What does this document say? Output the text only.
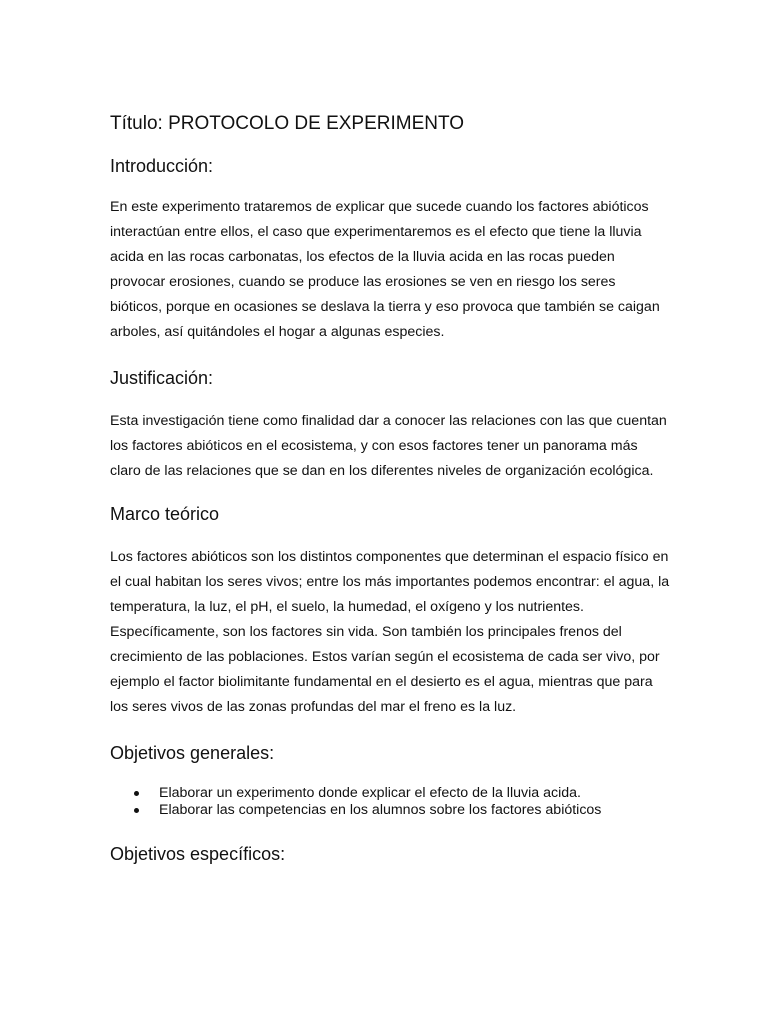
Título: PROTOCOLO DE EXPERIMENTO
Introducción:

En este experimento trataremos de explicar que sucede cuando los factores abióticos interactúan entre ellos, el caso que experimentaremos es el efecto que tiene la lluvia acida en las rocas carbonatas, los efectos de la lluvia acida en las rocas pueden provocar erosiones, cuando se produce las erosiones se ven en riesgo los seres bióticos, porque en ocasiones se deslava la tierra y eso provoca que también se caigan arboles, así quitándoles el hogar a algunas especies.

Justificación:

Esta investigación tiene como finalidad dar a conocer las relaciones con las que cuentan los factores abióticos en el ecosistema, y con esos factores tener un panorama más claro de las relaciones que se dan en los diferentes niveles de organización ecológica.

Marco teórico

Los factores abióticos son los distintos componentes que determinan el espacio físico en el cual habitan los seres vivos; entre los más importantes podemos encontrar: el agua, la temperatura, la luz, el pH, el suelo, la humedad, el oxígeno y los nutrientes. Específicamente, son los factores sin vida. Son también los principales frenos del crecimiento de las poblaciones. Estos varían según el ecosistema de cada ser vivo, por ejemplo el factor biolimitante fundamental en el desierto es el agua, mientras que para los seres vivos de las zonas profundas del mar el freno es la luz.

Objetivos generales:
Elaborar un experimento donde explicar el efecto de la lluvia acida.
Elaborar las competencias en los alumnos sobre los factores abióticos
Objetivos específicos:
